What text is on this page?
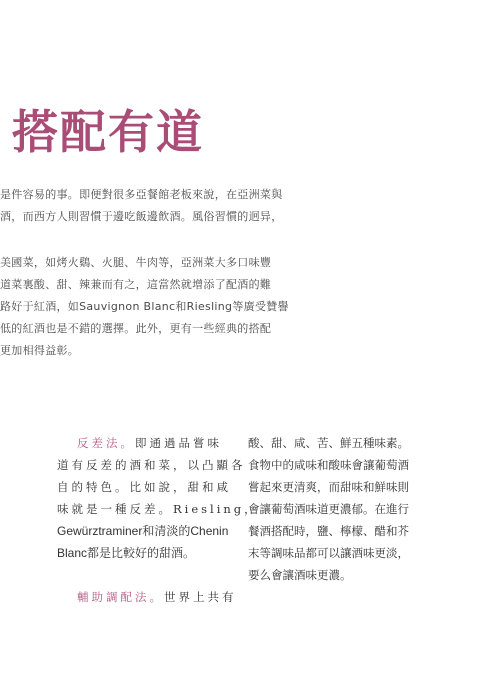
搭配有道

是件容易的事。即便對很多亞餐館老板來說，在亞洲菜與

酒，而西方人則習慣于邊吃飯邊飲酒。風俗習慣的迥异，

美國菜，如烤火鷄、火腿、牛肉等，亞洲菜大多口味豐

道菜裏酸、甜、辣兼而有之，這當然就增添了配酒的難

路好于紅酒，如Sauvignon Blanc和Riesling等廣受贊譽

低的紅酒也是不錯的選擇。此外，更有一些經典的搭配

更加相得益彰。

反差法。即通過品嘗味

道有反差的酒和菜，以凸顯各

自的特色。比如說，甜和咸

味就是一種反差。Riesling，

Gewürztraminer和清淡的Chenin

Blanc都是比較好的甜酒。

輔助調配法。世界上共有

酸、甜、咸、苦、鮮五種味素。

食物中的咸味和酸味會讓葡萄酒

嘗起來更清爽，而甜味和鮮味則

會讓葡萄酒味道更濃郁。在進行

餐酒搭配時，鹽、檸檬、醋和芥

末等調味品都可以讓酒味更淡，

要么會讓酒味更濃。
